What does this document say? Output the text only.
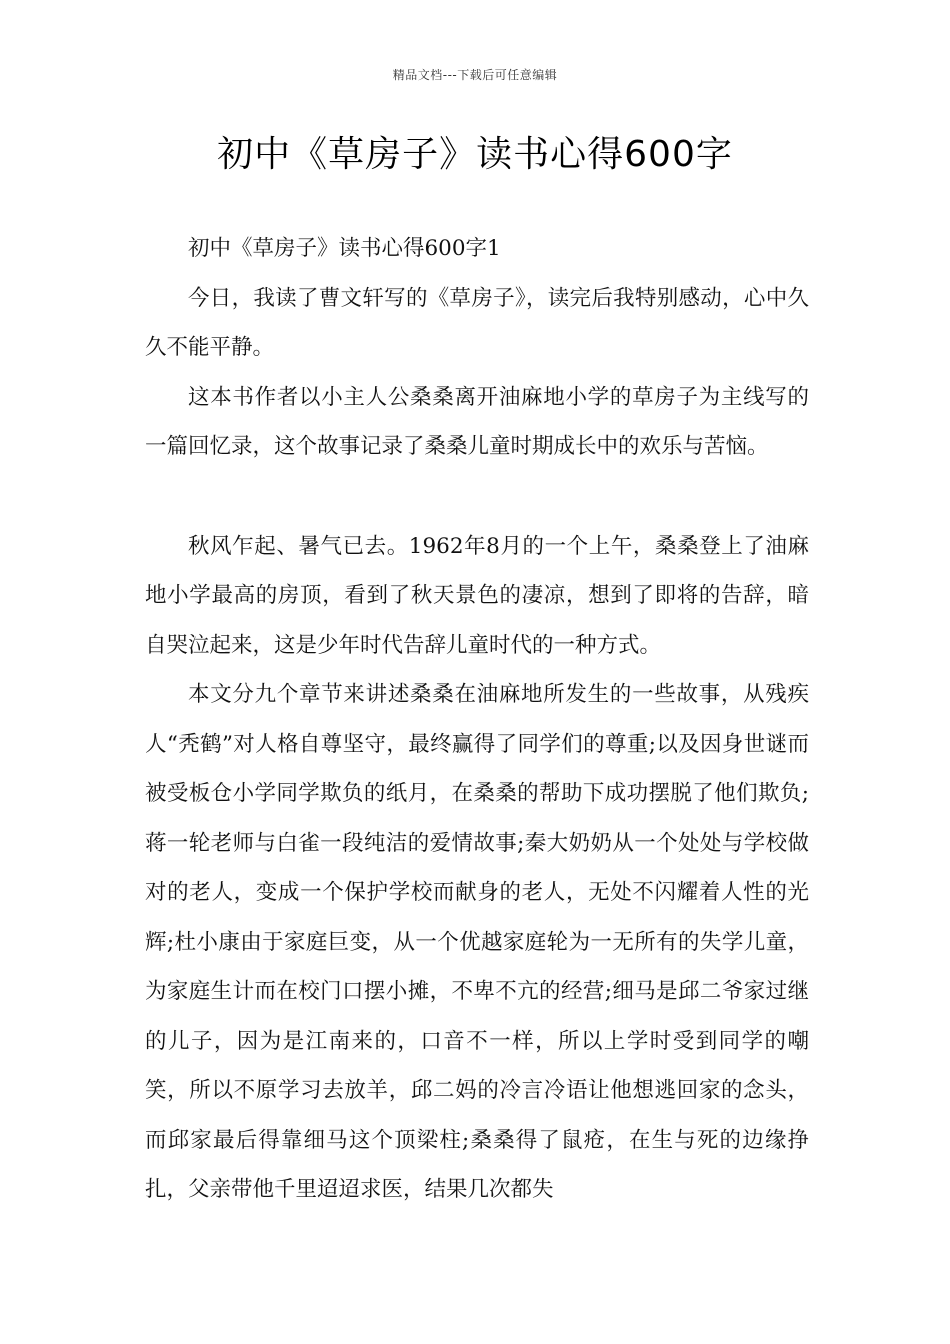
精品文档---下载后可任意编辑
初中《草房子》读书心得600字

初中《草房子》读书心得600字1

今日，我读了曹文轩写的《草房子》，读完后我特别感动，心中久久不能平静。

这本书作者以小主人公桑桑离开油麻地小学的草房子为主线写的一篇回忆录，这个故事记录了桑桑儿童时期成长中的欢乐与苦恼。

秋风乍起、暑气已去。1962年8月的一个上午，桑桑登上了油麻地小学最高的房顶，看到了秋天景色的凄凉，想到了即将的告辞，暗自哭泣起来，这是少年时代告辞儿童时代的一种方式。

本文分九个章节来讲述桑桑在油麻地所发生的一些故事，从残疾人“秃鹤”对人格自尊坚守，最终赢得了同学们的尊重;以及因身世谜而被受板仓小学同学欺负的纸月，在桑桑的帮助下成功摆脱了他们欺负;蒋一轮老师与白雀一段纯洁的爱情故事;秦大奶奶从一个处处与学校做对的老人，变成一个保护学校而献身的老人，无处不闪耀着人性的光辉;杜小康由于家庭巨变，从一个优越家庭轮为一无所有的失学儿童，为家庭生计而在校门口摆小摊，不卑不亢的经营;细马是邱二爷家过继的儿子，因为是江南来的，口音不一样，所以上学时受到同学的嘲笑，所以不原学习去放羊，邱二妈的冷言冷语让他想逃回家的念头，而邱家最后得靠细马这个顶梁柱;桑桑得了鼠疮，在生与死的边缘挣扎，父亲带他千里迢迢求医，结果几次都失
